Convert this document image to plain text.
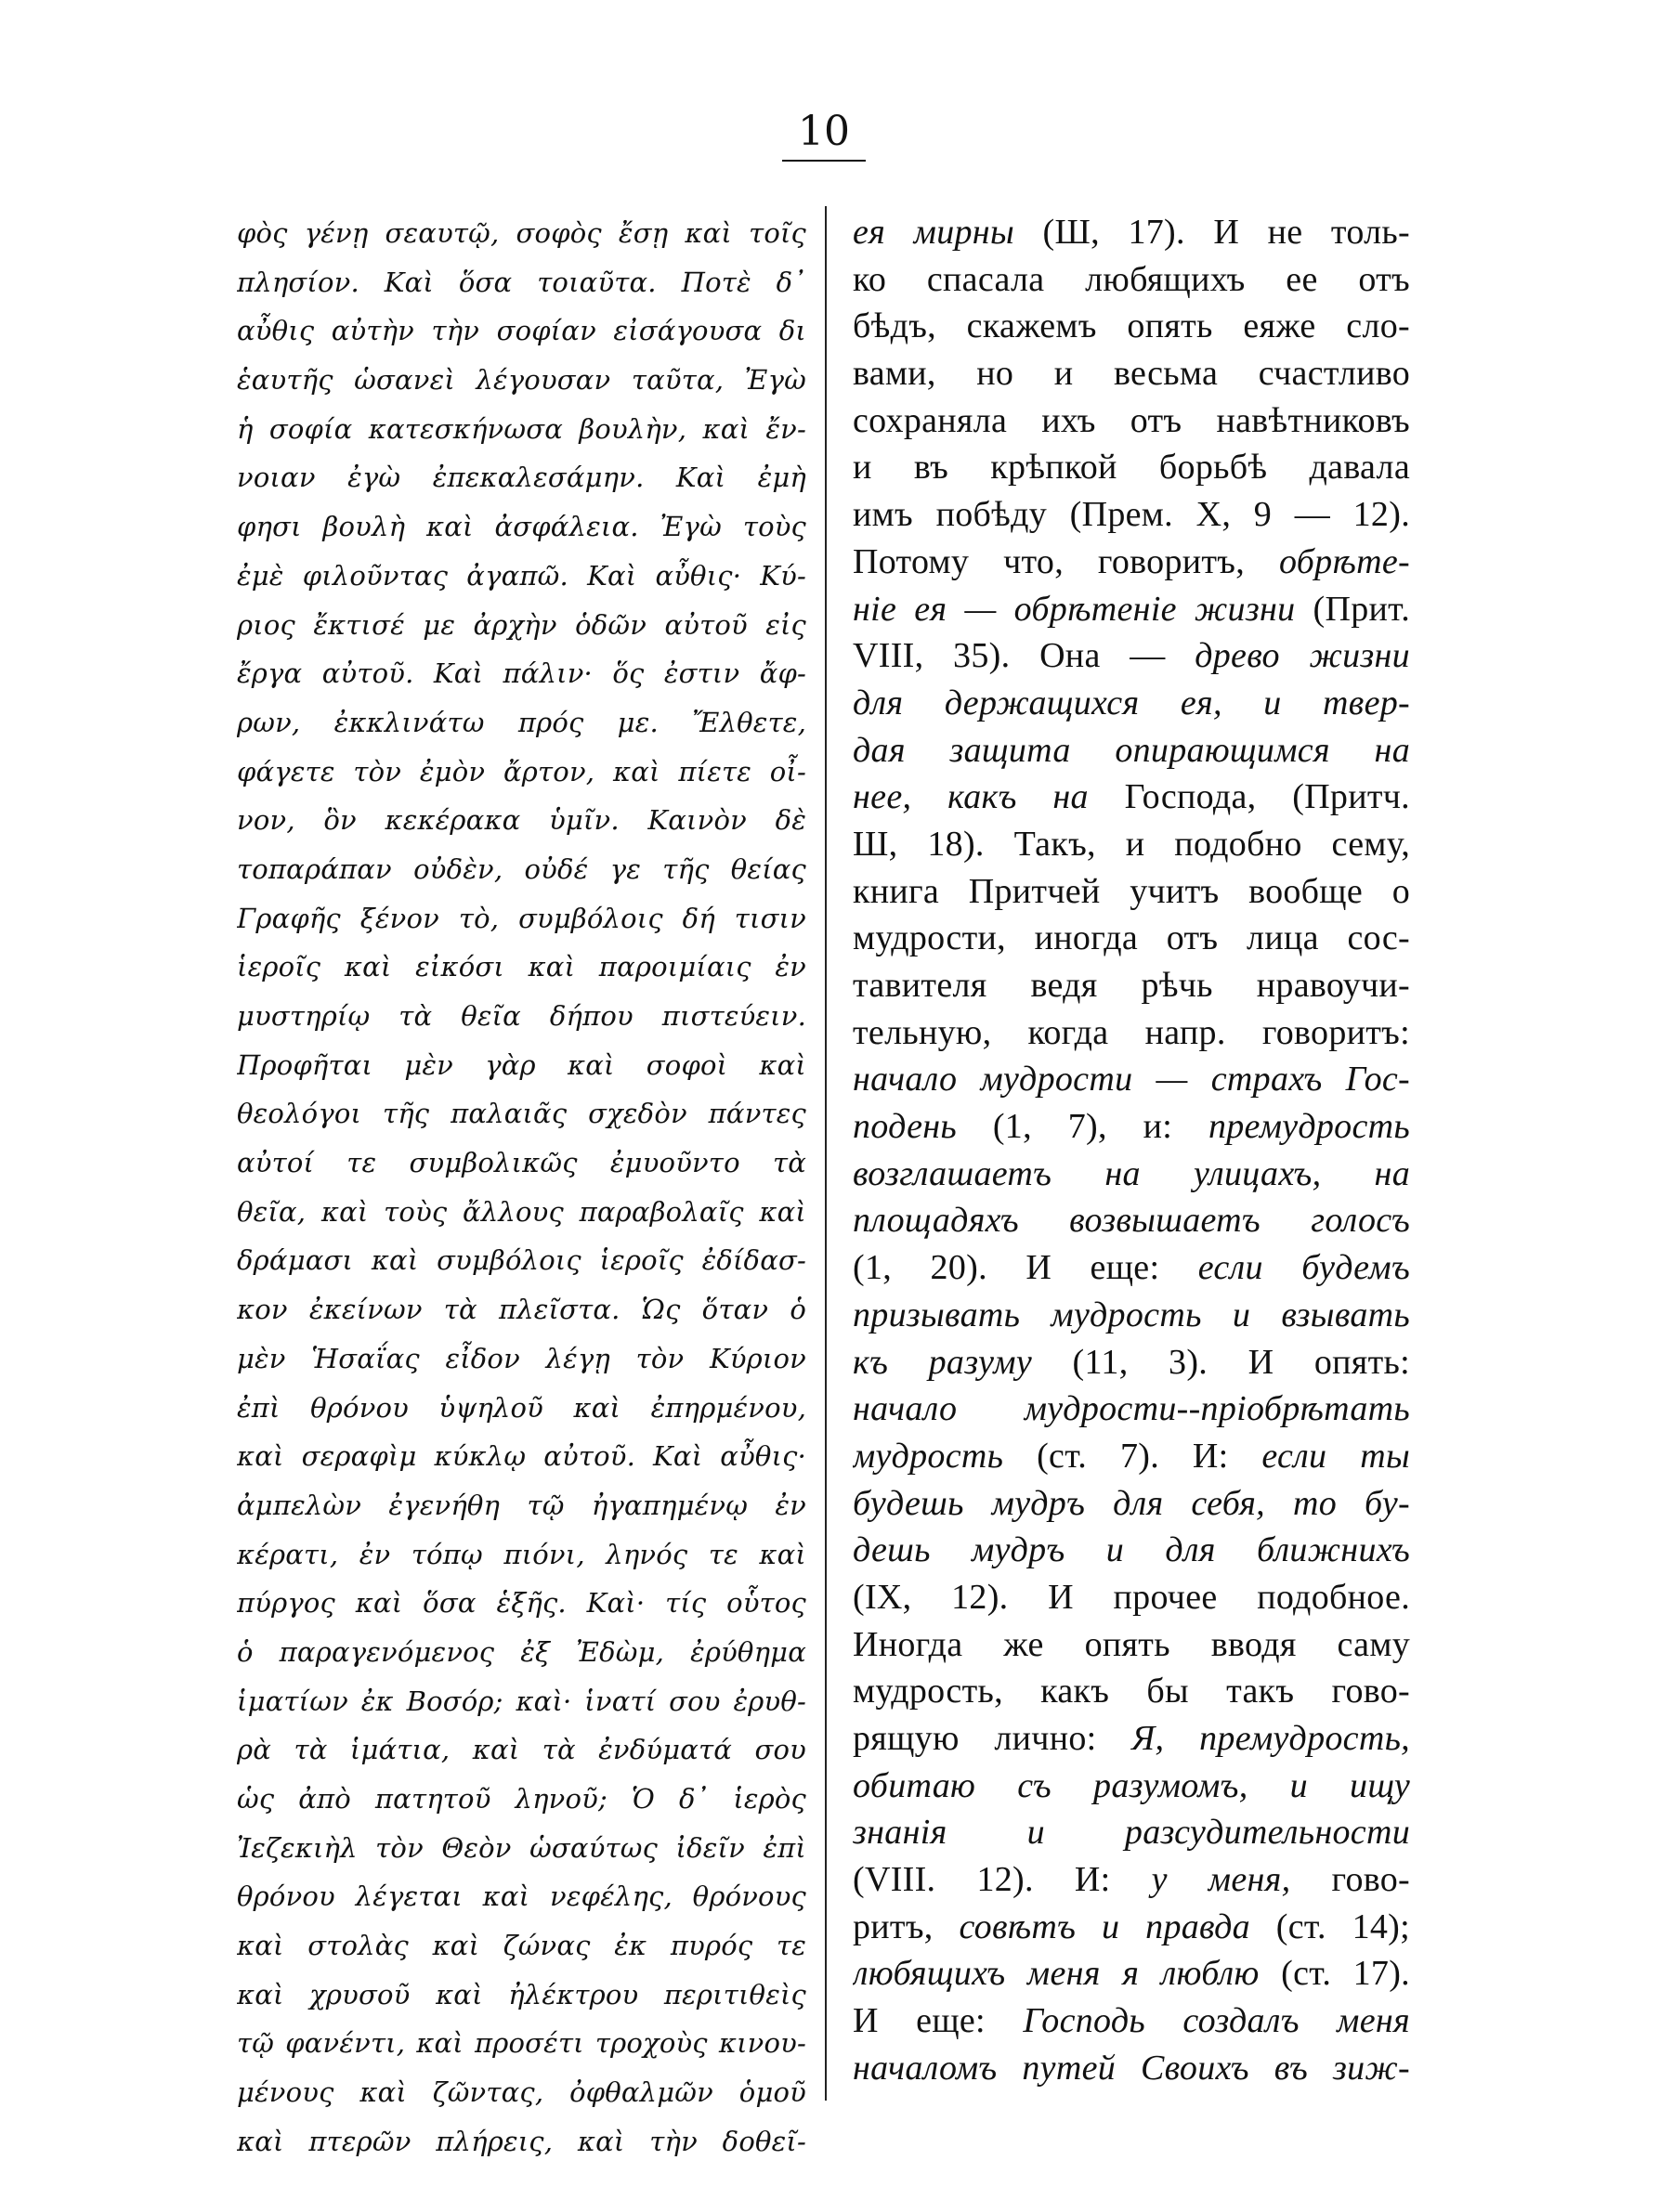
10
φὸς γένῃ σεαυτῷ, σοφὸς ἔσῃ καὶ τοῖς
πλησίον. Καὶ ὅσα τοιαῦτα. Ποτὲ δ᾽
αὖθις αὐτὴν τὴν σοφίαν εἰσάγουσα δι
ἑαυτῆς ὡσανεὶ λέγουσαν ταῦτα, Ἐγὼ
ἡ σοφία κατεσκήνωσα βουλὴν, καὶ ἔν-
νοιαν ἐγὼ ἐπεκαλεσάμην. Καὶ ἐμὴ
φησι βουλὴ καὶ ἀσφάλεια. Ἐγὼ τοὺς
ἐμὲ φιλοῦντας ἀγαπῶ. Καὶ αὖθις· Κύ-
ριος ἔκτισέ με ἀρχὴν ὁδῶν αὐτοῦ εἰς
ἔργα αὐτοῦ. Καὶ πάλιν· ὅς ἐστιν ἄφ-
ρων, ἐκκλινάτω πρός με. Ἔλθετε,
φάγετε τὸν ἐμὸν ἄρτον, καὶ πίετε οἶ-
νον, ὃν κεκέρακα ὑμῖν. Καινὸν δὲ
τοπαράπαν οὐδὲν, οὐδέ γε τῆς θείας
Γραφῆς ξένον τὸ, συμβόλοις δή τισιν
ἱεροῖς καὶ εἰκόσι καὶ παροιμίαις ἐν
μυστηρίῳ τὰ θεῖα δήπου πιστεύειν.
Προφῆται μὲν γὰρ καὶ σοφοὶ καὶ
θεολόγοι τῆς παλαιᾶς σχεδὸν πάντες
αὐτοί τε συμβολικῶς ἐμυοῦντο τὰ
θεῖα, καὶ τοὺς ἄλλους παραβολαῖς καὶ
δράμασι καὶ συμβόλοις ἱεροῖς ἐδίδασ-
κον ἐκείνων τὰ πλεῖστα. Ὡς ὅταν ὁ
μὲν Ἡσαΐας εἶδον λέγῃ τὸν Κύριον
ἐπὶ θρόνου ὑψηλοῦ καὶ ἐπηρμένου,
καὶ σεραφὶμ κύκλῳ αὐτοῦ. Καὶ αὖθις·
ἀμπελὼν ἐγενήθη τῷ ἠγαπημένῳ ἐν
κέρατι, ἐν τόπῳ πιόνι, ληνός τε καὶ
πύργος καὶ ὅσα ἑξῆς. Καὶ· τίς οὗτος
ὁ παραγενόμενος ἐξ Ἐδὼμ, ἐρύθημα
ἱματίων ἐκ Βοσόρ; καὶ· ἱνατί σου ἐρυθ-
ρὰ τὰ ἱμάτια, καὶ τὰ ἐνδύματά σου
ὡς ἀπὸ πατητοῦ ληνοῦ; Ὁ δ᾽ ἱερὸς
Ἰεζεκιὴλ τὸν Θεὸν ὡσαύτως ἰδεῖν ἐπὶ
θρόνου λέγεται καὶ νεφέλης, θρόνους
καὶ στολὰς καὶ ζώνας ἐκ πυρός τε
καὶ χρυσοῦ καὶ ἠλέκτρου περιτιθεὶς
τῷ φανέντι, καὶ προσέτι τροχοὺς κινου-
μένους καὶ ζῶντας, ὀφθαλμῶν ὁμοῦ
καὶ πτερῶν πλήρεις, καὶ τὴν δοθεῖ-
ея мирны (Ш, 17). И не толь-
ко спасала любящихъ ее отъ
бѣдъ, скажемъ опять еяже сло-
вами, но и весьма счастливо
сохраняла ихъ отъ навѣтниковъ
и въ крѣпкой борьбѣ давала
имъ побѣду (Прем. X, 9 — 12).
Потому что, говоритъ, обрѣте-
ніе ея — обрѣтеніе жизни (Прит.
VIII, 35). Она — древо жизни
для держащихся ея, и твер-
дая защита опирающимся на
нее, какъ на Господа, (Притч.
Ш, 18). Такъ, и подобно сему,
книга Притчей учитъ вообще о
мудрости, иногда отъ лица сос-
тавителя ведя рѣчь нравоучи-
тельную, когда напр. говоритъ:
начало мудрости — страхъ Гос-
подень (1, 7), и: премудрость
возглашаетъ на улицахъ, на
площадяхъ возвышаетъ голосъ
(1, 20). И еще: если будемъ
призывать мудрость и взывать
къ разуму (11, 3). И опять:
начало мудрости--пріобрѣтать
мудрость (ст. 7). И: если ты
будешь мудръ для себя, то бу-
дешь мудръ и для ближнихъ
(IX, 12). И прочее подобное.
Иногда же опять вводя саму
мудрость, какъ бы такъ гово-
рящую лично: Я, премудрость,
обитаю съ разумомъ, и ищу
знанія и разсудительности
(VIII. 12). И: у меня, гово-
ритъ, совѣтъ и правда (ст. 14);
любящихъ меня я люблю (ст. 17).
И еще: Господь создалъ меня
началомъ путей Своихъ въ зиж-
